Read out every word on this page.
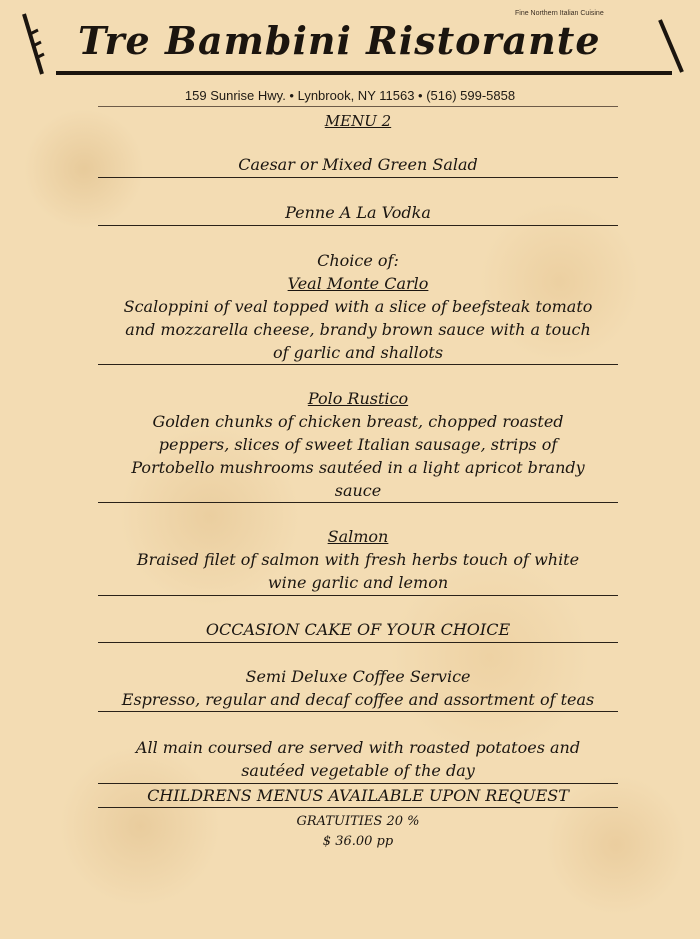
Fine Northern Italian Cuisine
Tre Bambini Ristorante
159 Sunrise Hwy. • Lynbrook, NY 11563 • (516) 599-5858
MENU 2
Caesar or Mixed Green Salad
Penne A La Vodka
Choice of:
Veal Monte Carlo
Scaloppini of veal topped with a slice of beefsteak tomato
and mozzarella cheese, brandy brown sauce with a touch
of garlic and shallots
Polo Rustico
Golden chunks of chicken breast, chopped roasted
peppers, slices of sweet Italian sausage, strips of
Portobello mushrooms sautéed in a light apricot brandy
sauce
Salmon
Braised filet of salmon with fresh herbs touch of white
wine garlic and lemon
OCCASION CAKE OF YOUR CHOICE
Semi Deluxe Coffee Service
Espresso, regular and decaf coffee and assortment of teas
All main coursed are served with roasted potatoes and
sautéed vegetable of the day
CHILDRENS MENUS AVAILABLE UPON REQUEST
GRATUITIES 20 %
$ 36.00 pp
